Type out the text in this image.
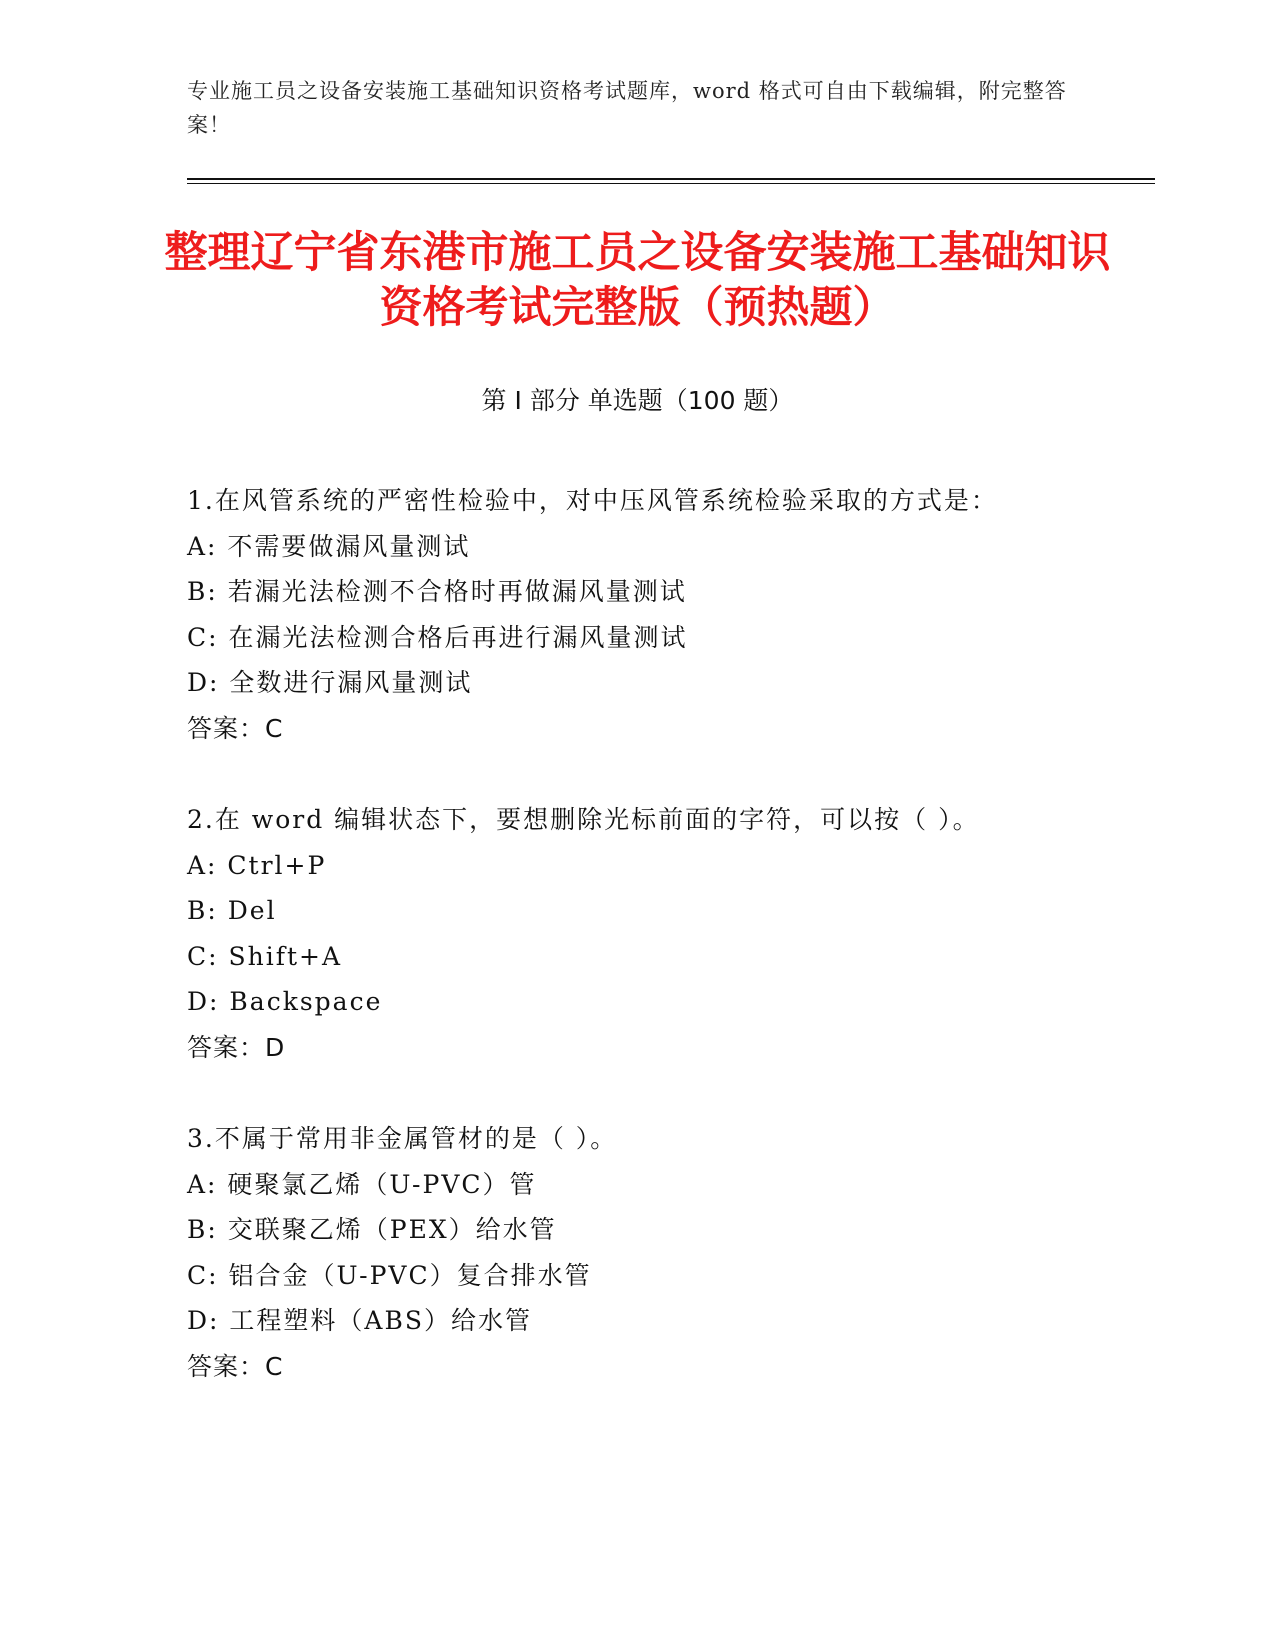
专业施工员之设备安装施工基础知识资格考试题库，word 格式可自由下载编辑，附完整答案！
整理辽宁省东港市施工员之设备安装施工基础知识资格考试完整版（预热题）
第 I 部分 单选题（100 题）
1.在风管系统的严密性检验中，对中压风管系统检验采取的方式是：
A: 不需要做漏风量测试
B: 若漏光法检测不合格时再做漏风量测试
C: 在漏光法检测合格后再进行漏风量测试
D: 全数进行漏风量测试
答案：C
2.在 word 编辑状态下，要想删除光标前面的字符，可以按（ ）。
A: Ctrl+P
B: Del
C: Shift+A
D: Backspace
答案：D
3.不属于常用非金属管材的是（ ）。
A: 硬聚氯乙烯（U-PVC）管
B: 交联聚乙烯（PEX）给水管
C: 铝合金（U-PVC）复合排水管
D: 工程塑料（ABS）给水管
答案：C
